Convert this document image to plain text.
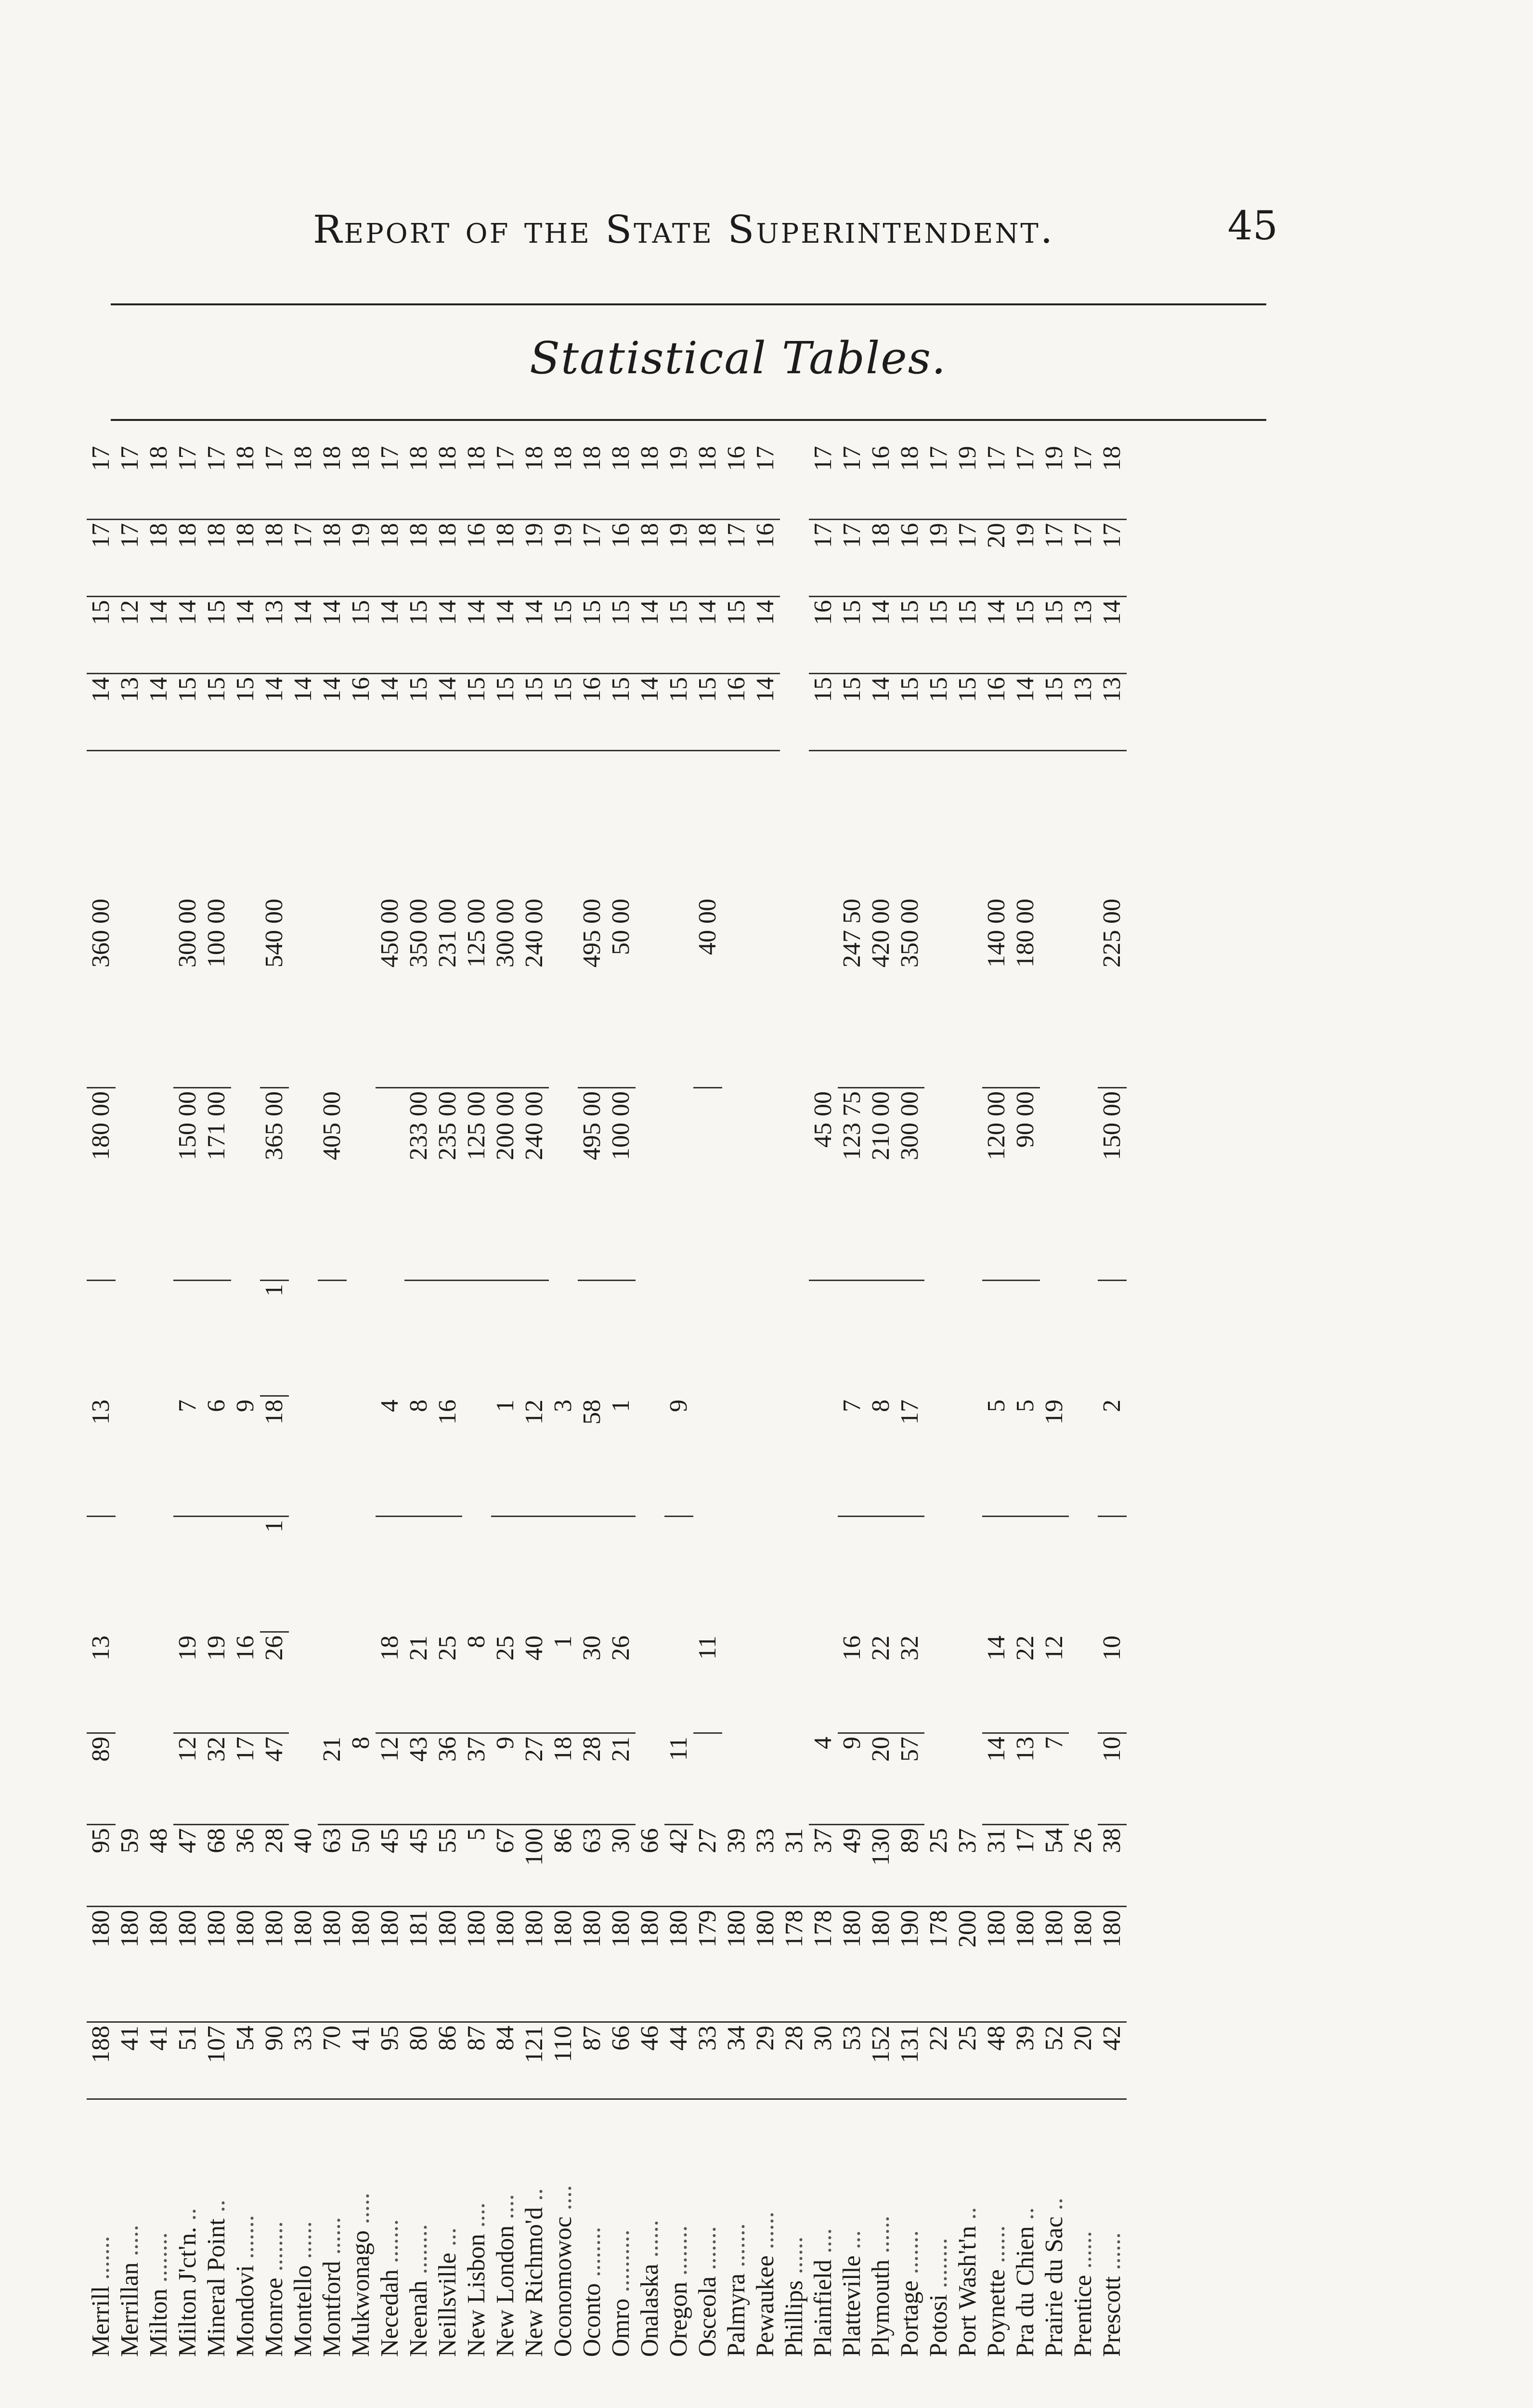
Report of the State Superintendent.	45
Statistical Tables.
Merrill .......
188
180
95
89
13
13
180 00
360 00
14
15
17
17
Merrillan .....
41
180
59
13
12
17
17
Milton ........
41
180
48
14
14
18
18
Milton J'ct'n. ..
51
180
47
12
19
7
150 00
300 00
15
14
18
17
Mineral Point ..
107
180
68
32
19
6
171 00
100 00
15
15
18
17
Mondovi .......
54
180
36
17
16
9
15
14
18
18
Monroe ........
90
180
28
47
26
1
18
1
365 00
540 00
14
13
18
17
Montello ......
33
180
40
14
14
17
18
Montford ......
70
180
63
21
405 00
14
14
18
18
Mukwonago .....
41
180
50
8
16
15
19
18
Necedah .......
95
180
45
12
18
4
450 00
14
14
18
17
Neenah ........
80
181
45
43
21
8
233 00
350 00
15
15
18
18
Neillsville ...
86
180
55
36
25
16
235 00
231 00
14
14
18
18
New Lisbon ....
87
180
5
37
8
125 00
125 00
15
14
16
18
New London ....
84
180
67
9
25
1
200 00
300 00
15
14
18
17
New Richmo'd ..
121
180
100
27
40
12
240 00
240 00
15
14
19
18
Oconomowoc ....
110
180
86
18
1
3
15
15
19
18
Oconto ........
87
180
63
28
30
58
495 00
495 00
16
15
17
18
Omro ..........
66
180
30
21
26
1
100 00
50 00
15
15
16
18
Onalaska ......
46
180
66
14
14
18
18
Oregon ........
44
180
42
11
9
15
15
19
19
Osceola .......
33
179
27
11
40 00
15
14
18
18
Palmyra .......
34
180
39
16
15
17
16
Pewaukee ......
29
180
33
14
14
16
17
Phillips ......
28
178
31
Plainfield ....
30
178
37
4
45 00
15
16
17
17
Platteville ...
53
180
49
9
16
7
123 75
247 50
15
15
17
17
Plymouth ......
152
180
130
20
22
8
210 00
420 00
14
14
18
16
Portage .......
131
190
89
57
32
17
300 00
350 00
15
15
16
18
Potosi ........
22
178
25
15
15
19
17
Port Wash't'n ..
25
200
37
15
15
17
19
Poynette ......
48
180
31
14
14
5
120 00
140 00
16
14
20
17
Pra du Chien ..
39
180
17
13
22
5
90 00
180 00
14
15
19
17
Prairie du Sac ..
52
180
54
7
12
19
15
15
17
19
Prentice ......
20
180
26
13
13
17
17
Prescott ......
42
180
38
10
10
2
150 00
225 00
13
14
17
18
